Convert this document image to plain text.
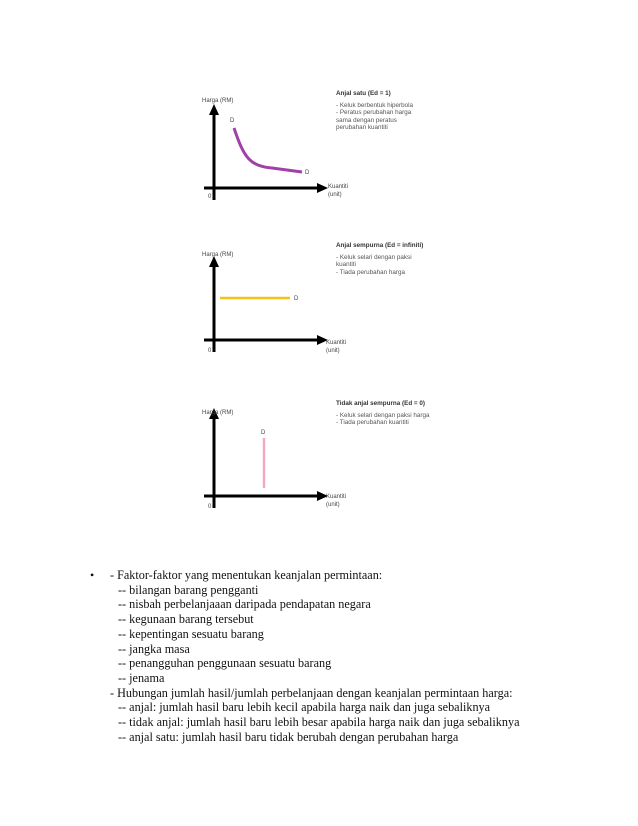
Harga (RM)
D
D
0
Kuantiti
(unit)
Anjal satu (Ed = 1)
- Keluk berbentuk hiperbola
- Peratus perubahan harga
sama dengan peratus
perubahan kuantiti
Harga (RM)
D
0
Kuantiti
(unit)
Anjal sempurna (Ed = infiniti)
- Keluk selari dengan paksi
kuantiti
- Tiada perubahan harga
Harga (RM)
D
0
Kuantiti
(unit)
Tidak anjal sempurna (Ed = 0)
- Keluk selari dengan paksi harga
- Tiada perubahan kuantiti
•	- Faktor-faktor yang menentukan keanjalan permintaan:
-- bilangan barang pengganti
-- nisbah perbelanjaaan daripada pendapatan negara
-- kegunaan barang tersebut
-- kepentingan sesuatu barang
-- jangka masa
-- penangguhan penggunaan sesuatu barang
-- jenama
- Hubungan jumlah hasil/jumlah perbelanjaan dengan keanjalan permintaan harga:
-- anjal: jumlah hasil baru lebih kecil apabila harga naik dan juga sebaliknya
-- tidak anjal: jumlah hasil baru lebih besar apabila harga naik dan juga sebaliknya
-- anjal satu: jumlah hasil baru tidak berubah dengan perubahan harga
